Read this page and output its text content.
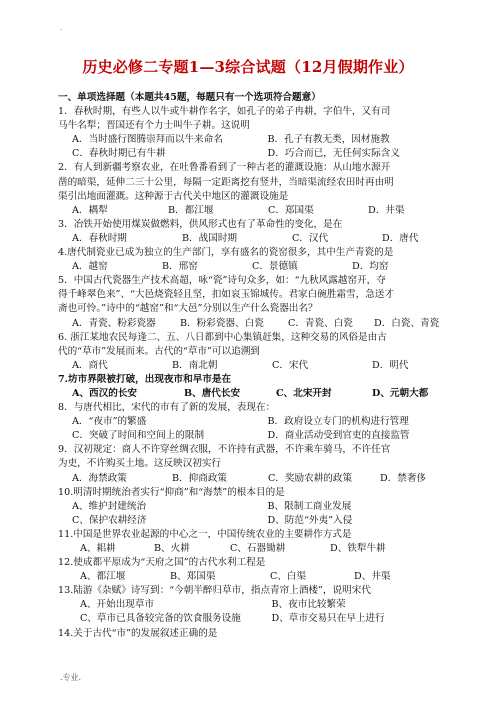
.
历史必修二专题1—3综合试题（12月假期作业）
一、单项选择题（本题共45题，每题只有一个选项符合题意）
1．春秋时期，有些人以牛或牛耕作名字，如孔子的弟子冉耕，字伯牛，又有司
马牛名犁；晋国还有个力士叫牛子耕。这说明
A．当时盛行图腾崇拜而以牛来命名	B．孔子有教无类，因材施教
C．春秋时期已有牛耕	D．巧合而已，无任何实际含义
2．有人到新疆考察农业，在吐鲁番看到了一种古老的灌溉设施：从山地水源开
凿的暗渠，延伸二三十公里，每隔一定距离挖有竖井，当暗渠流经农田时再由明
渠引出地面灌溉。这种源于古代关中地区的灌溉设施是
A．耦犁	B．都江堰	C．郑国渠	D．井渠
3．冶铁开始使用煤炭做燃料，供风形式也有了革命性的变化，是在
A．春秋时期	B．战国时期	C．汉代	D．唐代
4.唐代制瓷业已成为独立的生产部门，享有盛名的瓷窑很多，其中生产青瓷的是
A．越窑	B．邢窑	C．景德镇	D．均窑
5．中国古代瓷器生产技术高超，咏“瓷”诗句众多，如：“九秋风露越窑开，夺
得千峰翠色来”、“大邑烧瓷轻且坚，扣如哀玉锦城传。君家白碗胜霜雪，急送才
斋也可怜。”诗中的“越窑”和“大邑”分别以生产什么瓷器出名？
A．青瓷、粉彩瓷器	B．粉彩瓷器、白瓷	C．青瓷、白瓷	D．白瓷、青瓷
6. 浙江某地农民每逢二、五、八日都到中心集镇赶集，这种交易的风俗是由古
代的“草市”发展而来。古代的“草市”可以追溯到
A．商代	B．南北朝	C．宋代	D．明代
7.坊市界限被打破，出现夜市和早市是在
A、西汉的长安	B、唐代长安	C、北宋开封	D、元朝大都
8．与唐代相比，宋代的市有了新的发展，表现在：
A．“夜市”的繁盛	B．政府设立专门的机构进行管理
C．突破了时间和空间上的限制	D．商业活动受到官吏的直接监管
9．汉初规定：商人不许穿丝绸衣服，不许持有武器，不许乘车骑马，不许任官
为吏，不许购买土地。这反映汉初实行
A．海禁政策	B．抑商政策	C．奖励农耕的政策	D．禁奢侈
10.明清时期统治者实行“抑商”和“海禁”的根本目的是
A、维护封建统治	B、限制工商业发展
C、保护农耕经济	D、防范“外夷”入侵
11.中国是世界农业起源的中心之一，中国传统农业的主要耕作方式是
A、耜耕	B、火耕	C、石器锄耕	D、铁犁牛耕
12.使成都平原成为“天府之国”的古代水利工程是
A、都江堰	B、郑国渠	C、白渠	D、井渠
13.陆游《杂赋》诗写到：“今朝半醉归草市，指点青帘上酒楼”，说明宋代
A、开始出现草市	B、夜市比较繁荣
C、草市已具备较完备的饮食服务设施	D、草市交易只在早上进行
14.关于古代“市”的发展叙述正确的是
.专业.
